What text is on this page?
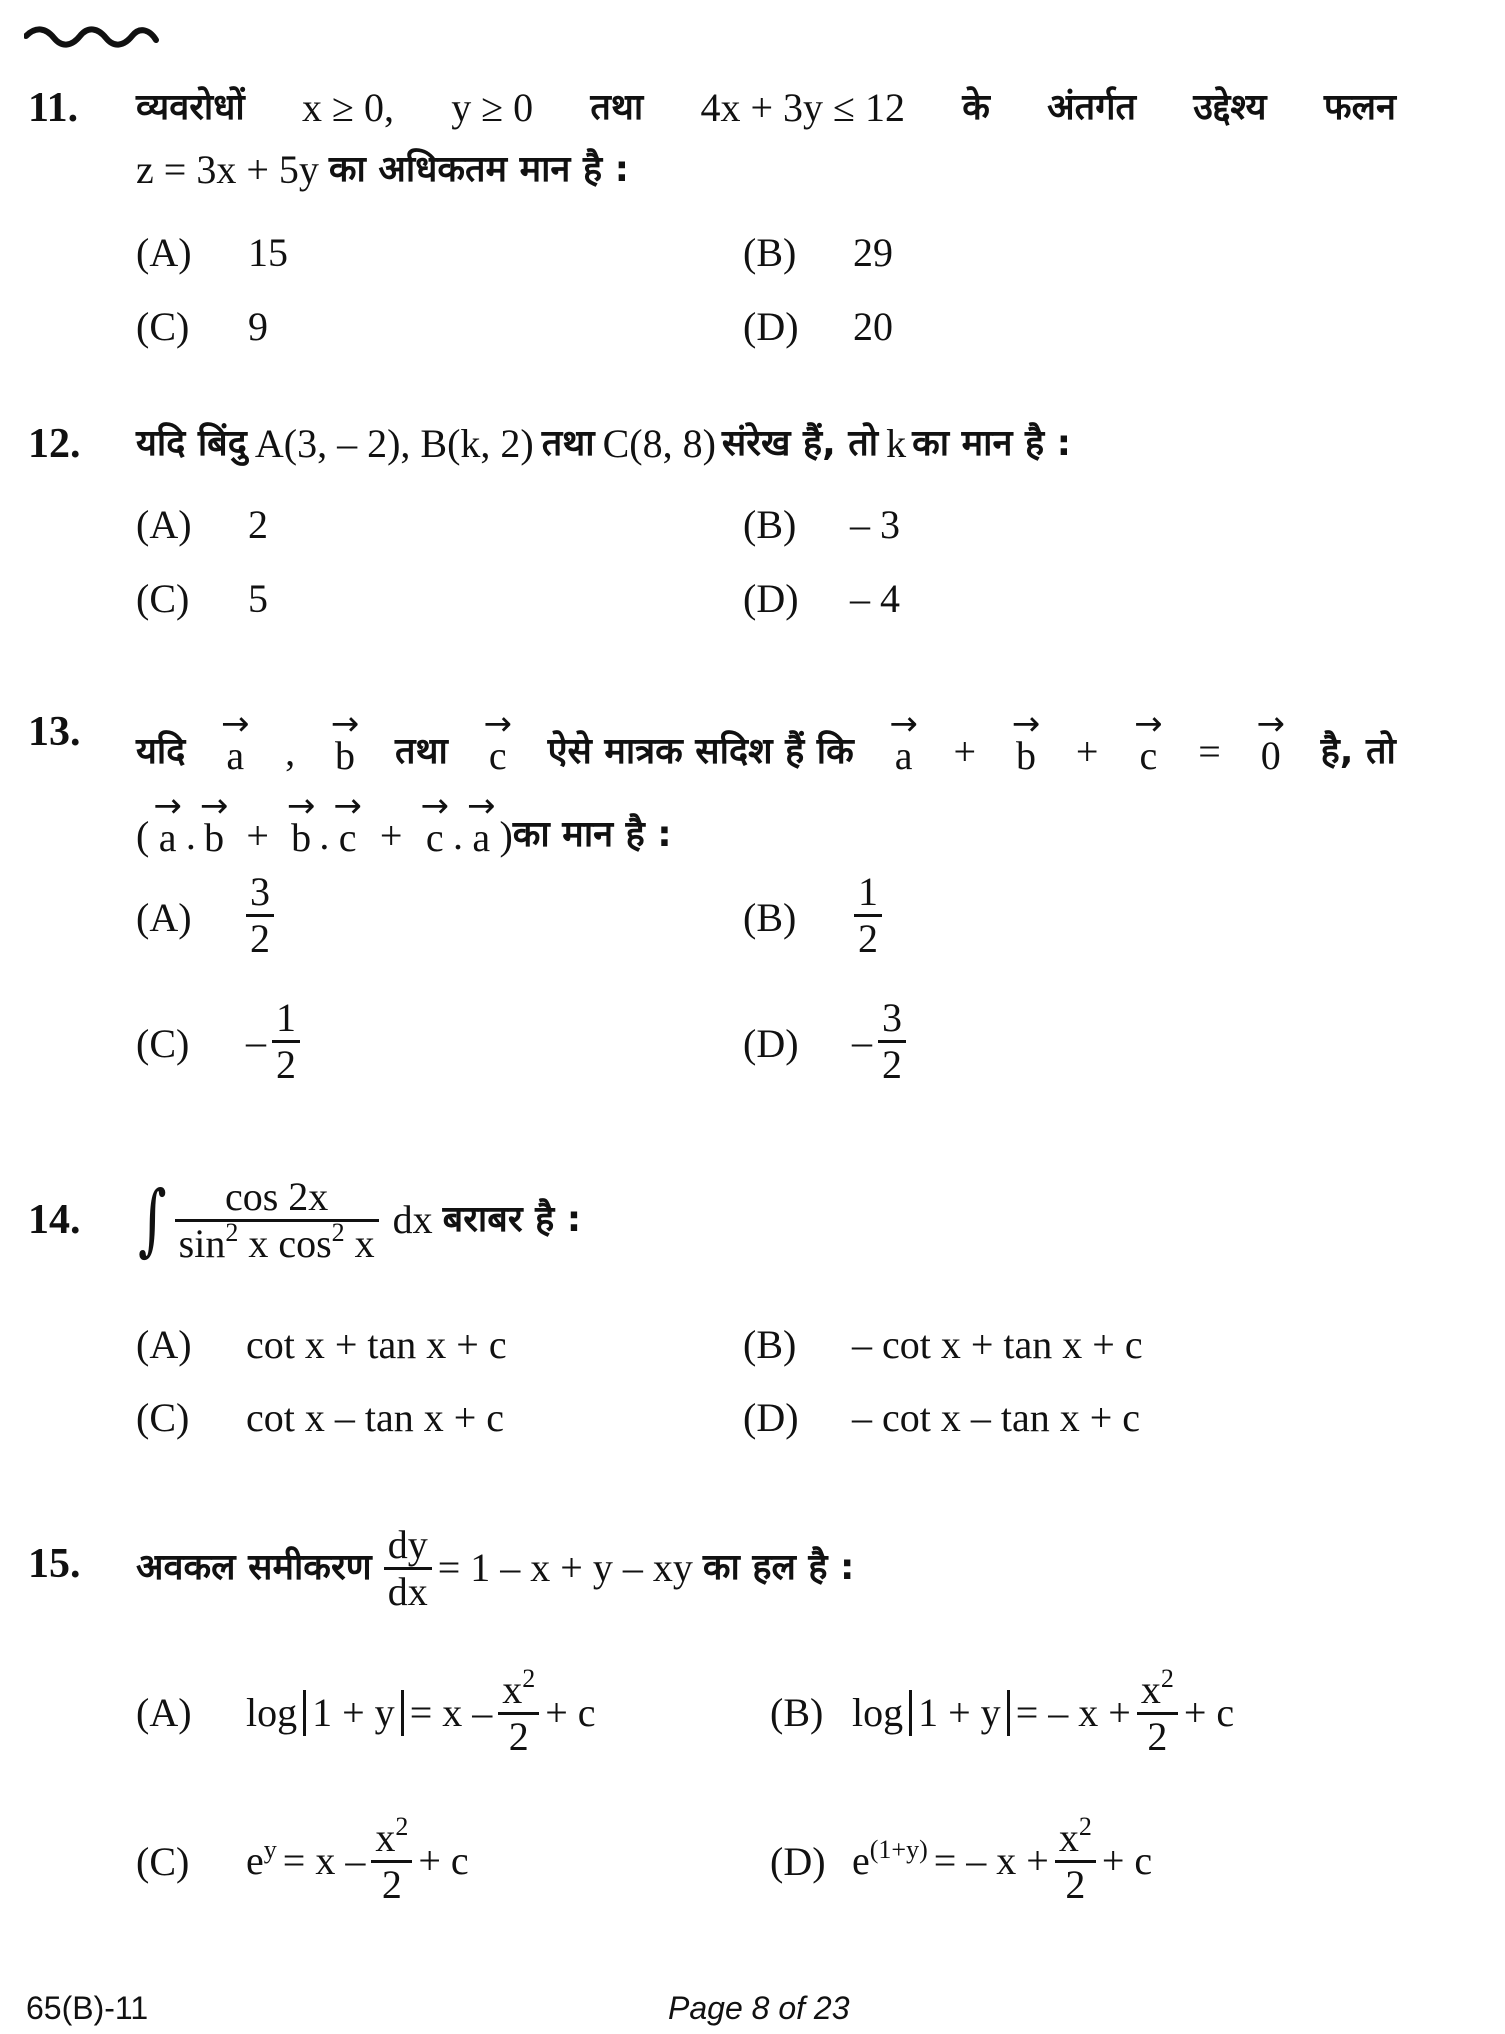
11. व्यवरोधों x ≥ 0, y ≥ 0 तथा 4x + 3y ≤ 12 के अंतर्गत उद्देश्य फलन
z = 3x + 5y का अधिकतम मान है :
(A) 15	(B) 29
(C) 9	(D) 20
12. यदि बिंदु A(3, – 2), B(k, 2) तथा C(8, 8) संरेख हैं, तो k का मान है :
(A) 2	(B) – 3
(C) 5	(D) – 4
13. यदि
→
a ,
→
b तथा
→
c ऐसे मात्रक सदिश हैं कि
→
a +
→
b +
→
c =
→
0 है, तो
(
→
a .
→
b +
→
b .
→
c +
→
c .
→
a ) का मान है :
$(A) \frac{3}{2}$	$(B) \frac{1}{2}$
$(C) - \frac{1}{2}$	$(D) - \frac{3}{2}$
14. ∫ $\frac{\cos 2x}{\sin^2 x \cos^2 x}$ dx बराबर है :
(A) cot x + tan x + c	(B) – cot x + tan x + c
(C) cot x – tan x + c	(D) – cot x – tan x + c
15. अवकल समीकरण $\frac{dy}{dx} = 1 - x + y$ – xy का हल है :
(A) $\log 1 + y = x - \frac{x^2}{2} + c$	(B) log 1 + y = – $x + \frac{x^2}{2} + c$
(C) $e^y = x - \frac{x^2}{2} + c$	(D) $e^{(1+y)}$ = – $x + \frac{x^2}{2} + c$
65(B)-11	Page 8 of 23
